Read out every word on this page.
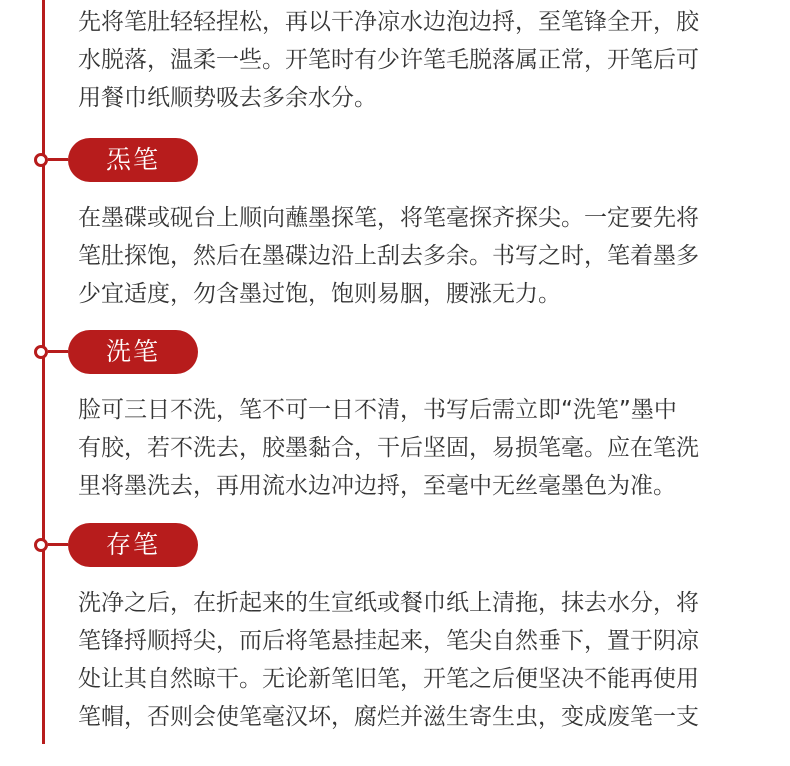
先将笔肚轻轻捏松，再以干净凉水边泡边捋，至笔锋全开，胶
水脱落，温柔一些。开笔时有少许笔毛脱落属正常，开笔后可
用餐巾纸顺势吸去多余水分。
炁笔
在墨碟或砚台上顺向蘸墨探笔，将笔毫探齐探尖。一定要先将
笔肚探饱，然后在墨碟边沿上刮去多余。书写之时，笔着墨多
少宜适度，勿含墨过饱，饱则易胭，腰涨无力。
洗笔
脸可三日不洗，笔不可一日不清，书写后需立即“洗笔”墨中
有胶，若不洗去，胶墨黏合，干后坚固，易损笔毫。应在笔洗
里将墨洗去，再用流水边冲边捋，至毫中无丝毫墨色为准。
存笔
洗净之后，在折起来的生宣纸或餐巾纸上清拖，抹去水分，将
笔锋捋顺捋尖，而后将笔悬挂起来，笔尖自然垂下，置于阴凉
处让其自然晾干。无论新笔旧笔，开笔之后便坚决不能再使用
笔帽，否则会使笔毫汉坏，腐烂并滋生寄生虫，变成废笔一支
